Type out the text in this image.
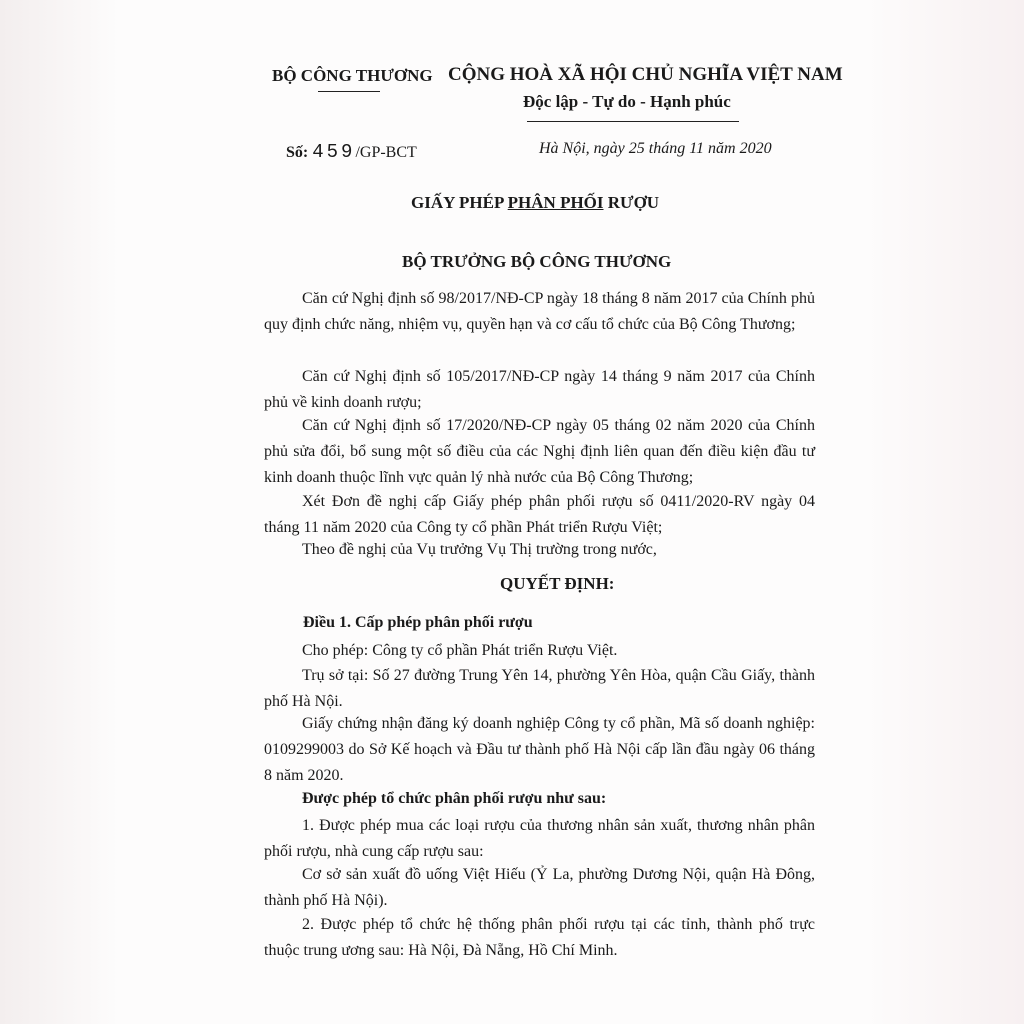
BỘ CÔNG THƯƠNG CỘNG HOÀ XÃ HỘI CHỦ NGHĨA VIỆT NAM
Độc lập - Tự do - Hạnh phúc
Số: 459/GP-BCT	Hà Nội, ngày 25 tháng 11 năm 2020
GIẤY PHÉP PHÂN PHỐI RƯỢU
BỘ TRƯỞNG BỘ CÔNG THƯƠNG
Căn cứ Nghị định số 98/2017/NĐ-CP ngày 18 tháng 8 năm 2017 của Chính phủ quy định chức năng, nhiệm vụ, quyền hạn và cơ cấu tổ chức của Bộ Công Thương;
Căn cứ Nghị định số 105/2017/NĐ-CP ngày 14 tháng 9 năm 2017 của Chính phủ về kinh doanh rượu;
Căn cứ Nghị định số 17/2020/NĐ-CP ngày 05 tháng 02 năm 2020 của Chính phủ sửa đổi, bổ sung một số điều của các Nghị định liên quan đến điều kiện đầu tư kinh doanh thuộc lĩnh vực quản lý nhà nước của Bộ Công Thương;
Xét Đơn đề nghị cấp Giấy phép phân phối rượu số 0411/2020-RV ngày 04 tháng 11 năm 2020 của Công ty cổ phần Phát triển Rượu Việt;
Theo đề nghị của Vụ trưởng Vụ Thị trường trong nước,
QUYẾT ĐỊNH:
Điều 1. Cấp phép phân phối rượu
Cho phép: Công ty cổ phần Phát triển Rượu Việt.
Trụ sở tại: Số 27 đường Trung Yên 14, phường Yên Hòa, quận Cầu Giấy, thành phố Hà Nội.
Giấy chứng nhận đăng ký doanh nghiệp Công ty cổ phần, Mã số doanh nghiệp: 0109299003 do Sở Kế hoạch và Đầu tư thành phố Hà Nội cấp lần đầu ngày 06 tháng 8 năm 2020.
Được phép tổ chức phân phối rượu như sau:
1. Được phép mua các loại rượu của thương nhân sản xuất, thương nhân phân phối rượu, nhà cung cấp rượu sau:
Cơ sở sản xuất đồ uống Việt Hiếu (Ỷ La, phường Dương Nội, quận Hà Đông, thành phố Hà Nội).
2. Được phép tổ chức hệ thống phân phối rượu tại các tỉnh, thành phố trực thuộc trung ương sau: Hà Nội, Đà Nẵng, Hồ Chí Minh.
